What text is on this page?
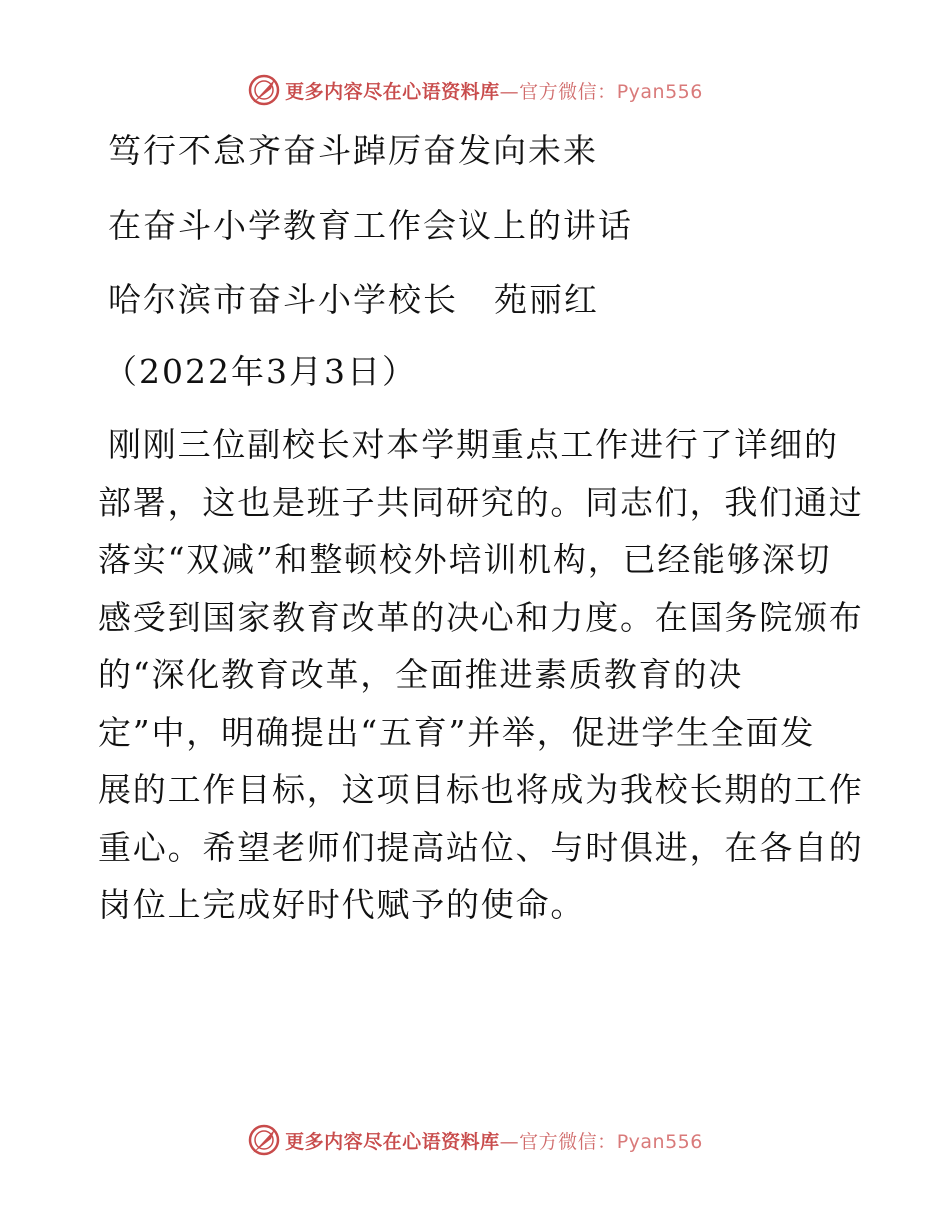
更多内容尽在心语资料库—官方微信：Pyan556
笃行不怠齐奋斗踔厉奋发向未来
在奋斗小学教育工作会议上的讲话
哈尔滨市奋斗小学校长 苑丽红
（2022年3月3日）

刚刚三位副校长对本学期重点工作进行了详细的

部署，这也是班子共同研究的。同志们，我们通过

落实“双减”和整顿校外培训机构，已经能够深切

感受到国家教育改革的决心和力度。在国务院颁布

的“深化教育改革，全面推进素质教育的决

定”中，明确提出“五育”并举，促进学生全面发

展的工作目标，这项目标也将成为我校长期的工作

重心。希望老师们提高站位、与时俱进，在各自的

岗位上完成好时代赋予的使命。

更多内容尽在心语资料库—官方微信：Pyan556
